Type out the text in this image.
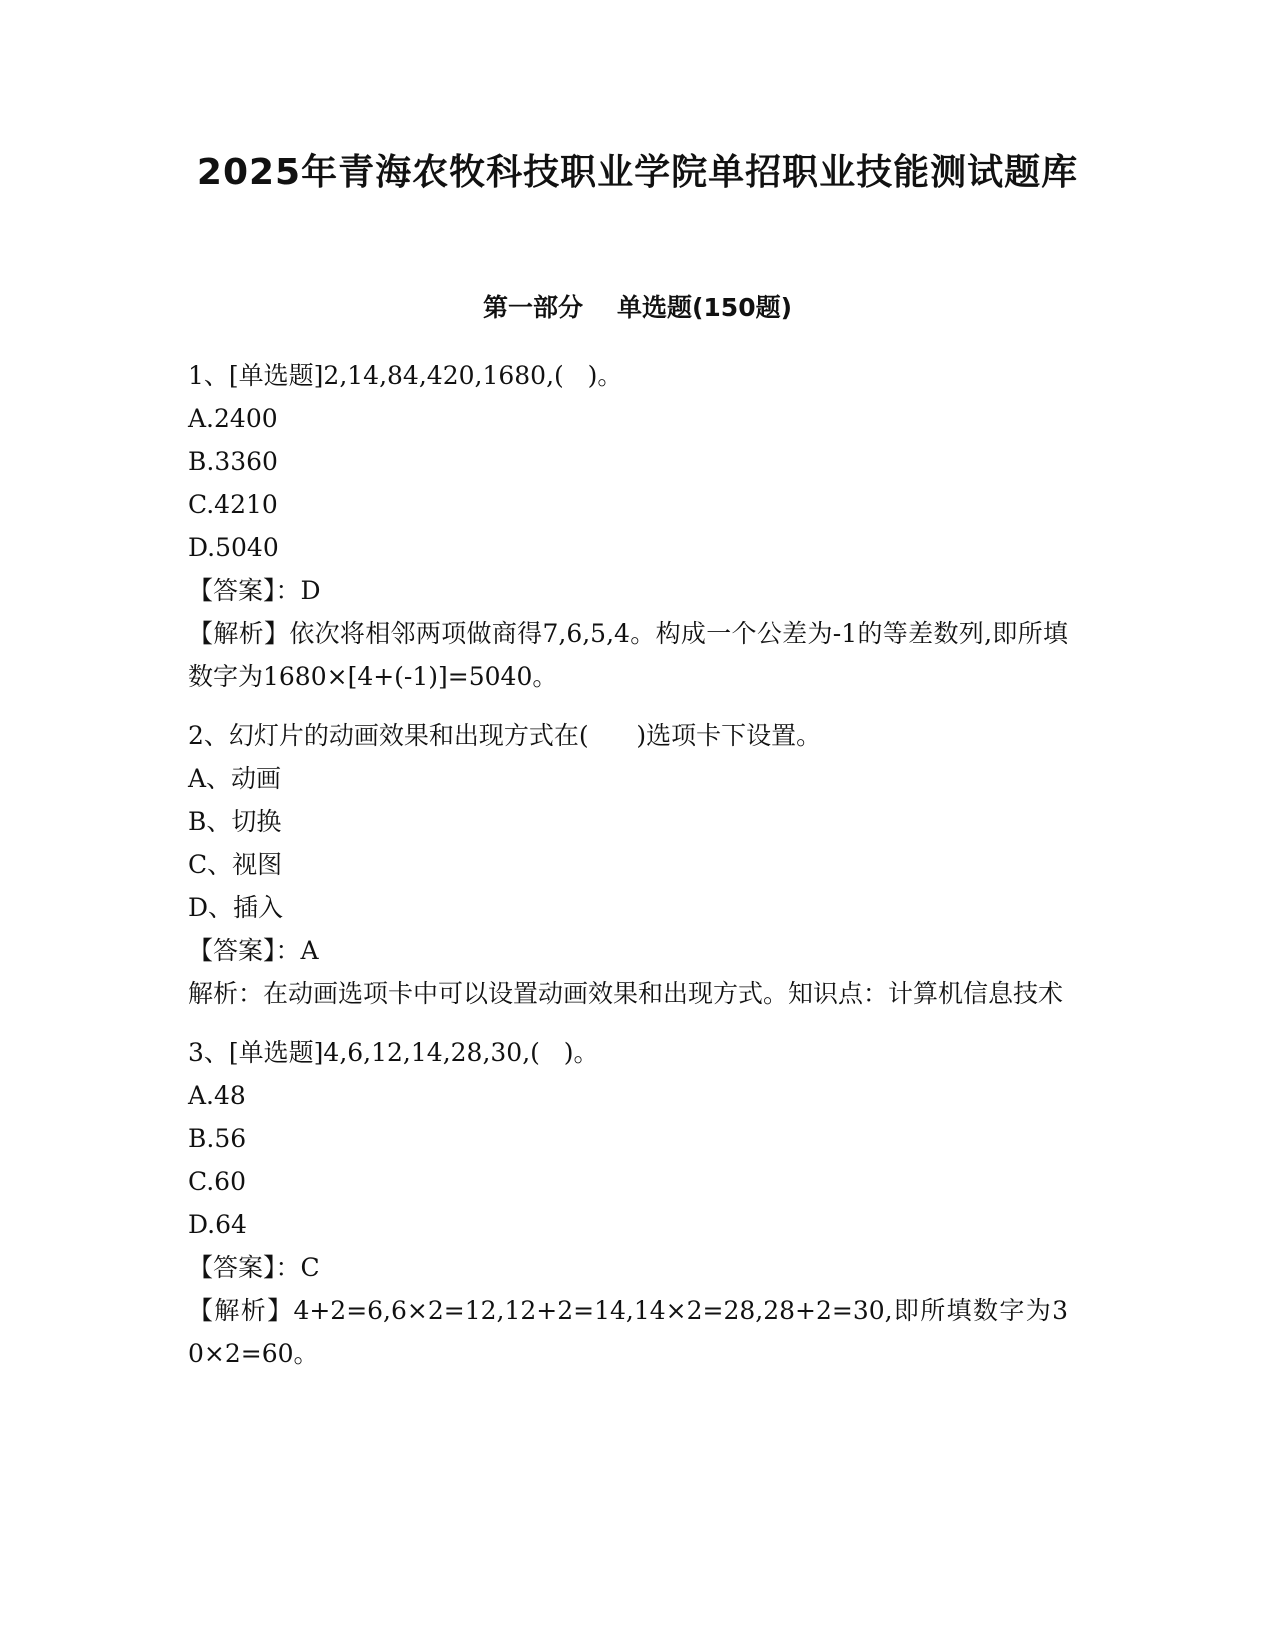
2025年青海农牧科技职业学院单招职业技能测试题库
第一部分 单选题(150题)
1、[单选题]2,14,84,420,1680,(   )。
A.2400
B.3360
C.4210
D.5040
【答案】：D
【解析】依次将相邻两项做商得7,6,5,4。构成一个公差为-1的等差数列,即所填数字为1680×[4+(-1)]=5040。
2、幻灯片的动画效果和出现方式在(      )选项卡下设置。
A、动画
B、切换
C、视图
D、插入
【答案】：A
解析：在动画选项卡中可以设置动画效果和出现方式。知识点：计算机信息技术
3、[单选题]4,6,12,14,28,30,(   )。
A.48
B.56
C.60
D.64
【答案】：C
【解析】4+2=6,6×2=12,12+2=14,14×2=28,28+2=30,即所填数字为30×2=60。
